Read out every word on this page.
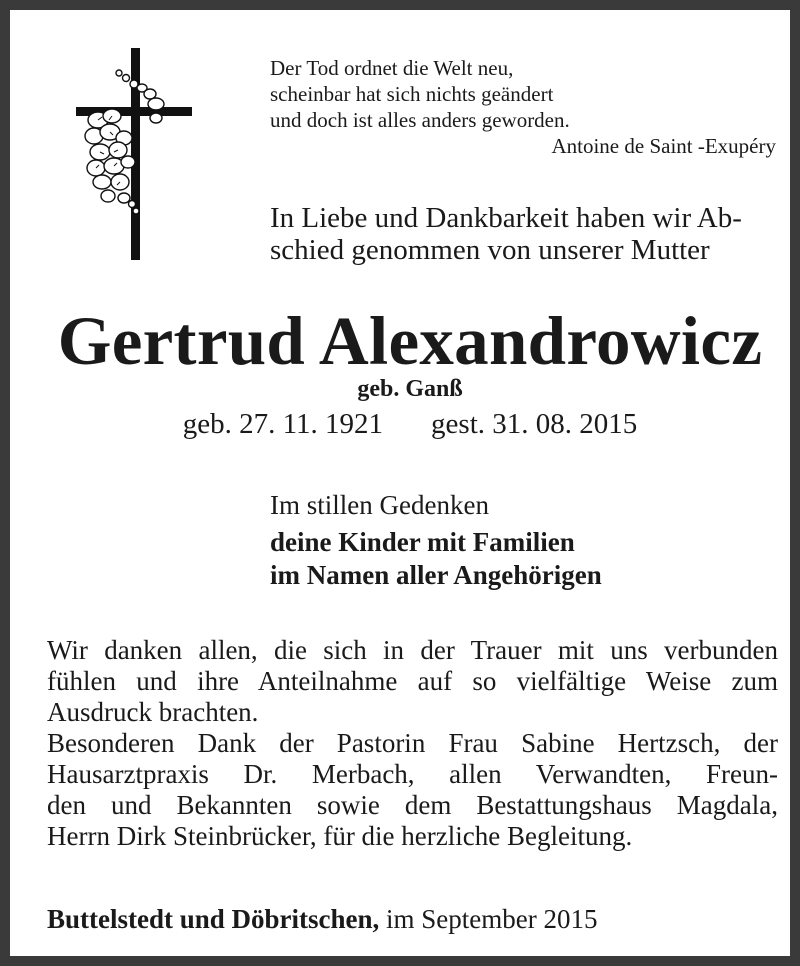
Der Tod ordnet die Welt neu,
scheinbar hat sich nichts geändert
und doch ist alles anders geworden.
Antoine de Saint -Exupéry
In Liebe und Dankbarkeit haben wir Ab-
schied genommen von unserer Mutter
Gertrud Alexandrowicz
geb. Ganß
geb. 27. 11. 1921 gest. 31. 08. 2015
Im stillen Gedenken
deine Kinder mit Familien
im Namen aller Angehörigen
Wir danken allen, die sich in der Trauer mit uns verbunden
fühlen und ihre Anteilnahme auf so vielfältige Weise zum
Ausdruck brachten.
Besonderen Dank der Pastorin Frau Sabine Hertzsch, der
Hausarztpraxis Dr. Merbach, allen Verwandten, Freun-
den und Bekannten sowie dem Bestattungshaus Magdala,
Herrn Dirk Steinbrücker, für die herzliche Begleitung.
Buttelstedt und Döbritschen, im September 2015
